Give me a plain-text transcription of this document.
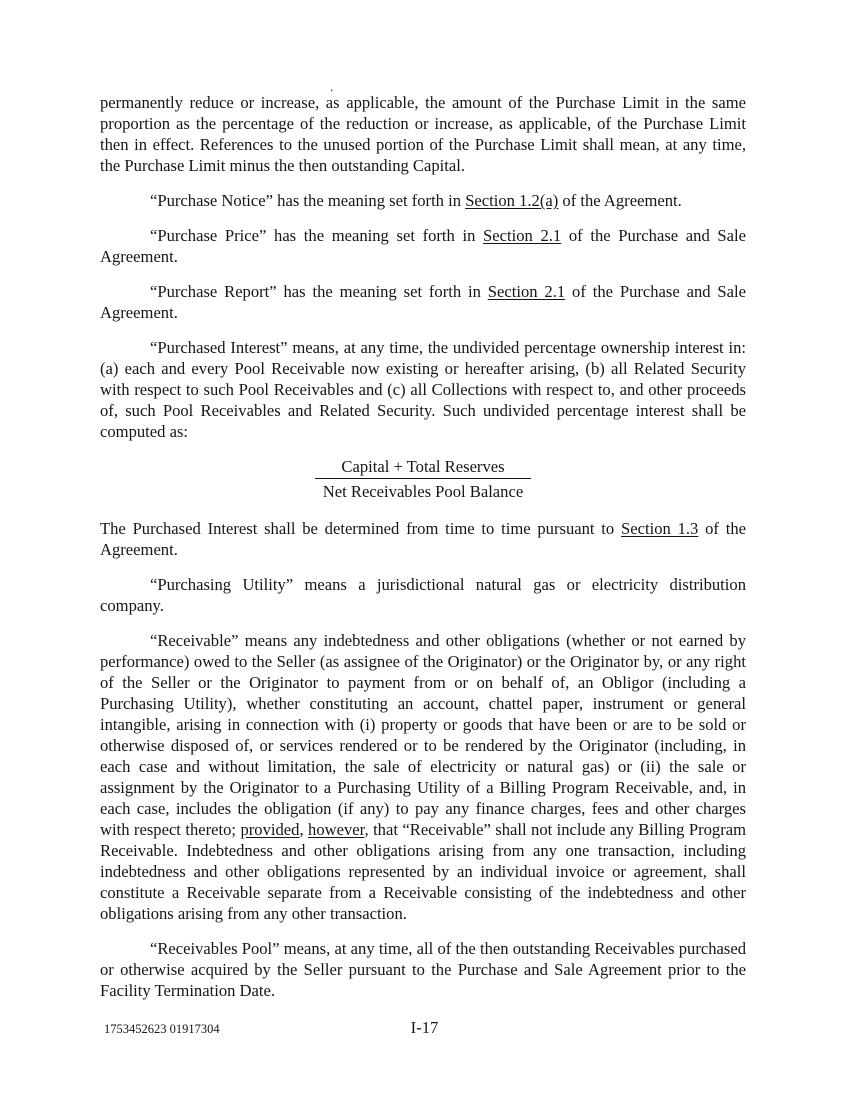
.

permanently reduce or increase, as applicable, the amount of the Purchase Limit in the same proportion as the percentage of the reduction or increase, as applicable, of the Purchase Limit then in effect. References to the unused portion of the Purchase Limit shall mean, at any time, the Purchase Limit minus the then outstanding Capital.

“Purchase Notice” has the meaning set forth in Section 1.2(a) of the Agreement.

“Purchase Price” has the meaning set forth in Section 2.1 of the Purchase and Sale Agreement.

“Purchase Report” has the meaning set forth in Section 2.1 of the Purchase and Sale Agreement.

“Purchased Interest” means, at any time, the undivided percentage ownership interest in: (a) each and every Pool Receivable now existing or hereafter arising, (b) all Related Security with respect to such Pool Receivables and (c) all Collections with respect to, and other proceeds of, such Pool Receivables and Related Security. Such undivided percentage interest shall be computed as:

Capital + Total Reserves
Net Receivables Pool Balance

The Purchased Interest shall be determined from time to time pursuant to Section 1.3 of the Agreement.

“Purchasing Utility” means a jurisdictional natural gas or electricity distribution company.

“Receivable” means any indebtedness and other obligations (whether or not earned by performance) owed to the Seller (as assignee of the Originator) or the Originator by, or any right of the Seller or the Originator to payment from or on behalf of, an Obligor (including a Purchasing Utility), whether constituting an account, chattel paper, instrument or general intangible, arising in connection with (i) property or goods that have been or are to be sold or otherwise disposed of, or services rendered or to be rendered by the Originator (including, in each case and without limitation, the sale of electricity or natural gas) or (ii) the sale or assignment by the Originator to a Purchasing Utility of a Billing Program Receivable, and, in each case, includes the obligation (if any) to pay any finance charges, fees and other charges with respect thereto; provided, however, that “Receivable” shall not include any Billing Program Receivable. Indebtedness and other obligations arising from any one transaction, including indebtedness and other obligations represented by an individual invoice or agreement, shall constitute a Receivable separate from a Receivable consisting of the indebtedness and other obligations arising from any other transaction.

“Receivables Pool” means, at any time, all of the then outstanding Receivables purchased or otherwise acquired by the Seller pursuant to the Purchase and Sale Agreement prior to the Facility Termination Date.

1753452623 01917304	I-17
